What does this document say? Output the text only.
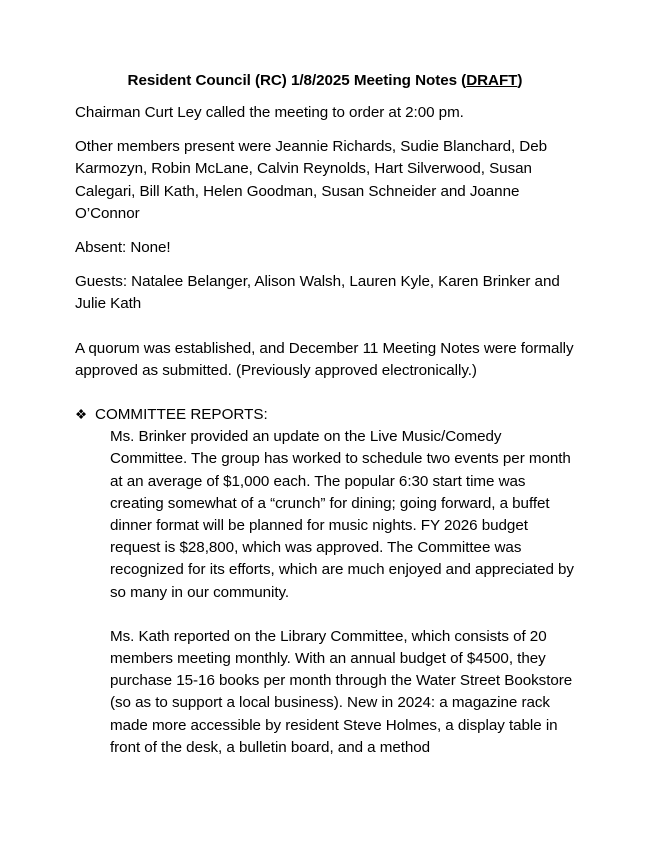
Resident Council (RC) 1/8/2025 Meeting Notes (DRAFT)

Chairman Curt Ley called the meeting to order at 2:00 pm.

Other members present were Jeannie Richards, Sudie Blanchard, Deb Karmozyn, Robin McLane, Calvin Reynolds, Hart Silverwood, Susan Calegari, Bill Kath, Helen Goodman, Susan Schneider and Joanne O’Connor

Absent: None!

Guests: Natalee Belanger, Alison Walsh, Lauren Kyle, Karen Brinker and Julie Kath

A quorum was established, and December 11 Meeting Notes were formally approved as submitted. (Previously approved electronically.)

❖ COMMITTEE REPORTS:

Ms. Brinker provided an update on the Live Music/Comedy Committee. The group has worked to schedule two events per month at an average of $1,000 each. The popular 6:30 start time was creating somewhat of a “crunch” for dining; going forward, a buffet dinner format will be planned for music nights. FY 2026 budget request is $28,800, which was approved. The Committee was recognized for its efforts, which are much enjoyed and appreciated by so many in our community.

Ms. Kath reported on the Library Committee, which consists of 20 members meeting monthly. With an annual budget of $4500, they purchase 15-16 books per month through the Water Street Bookstore (so as to support a local business). New in 2024: a magazine rack made more accessible by resident Steve Holmes, a display table in front of the desk, a bulletin board, and a method
